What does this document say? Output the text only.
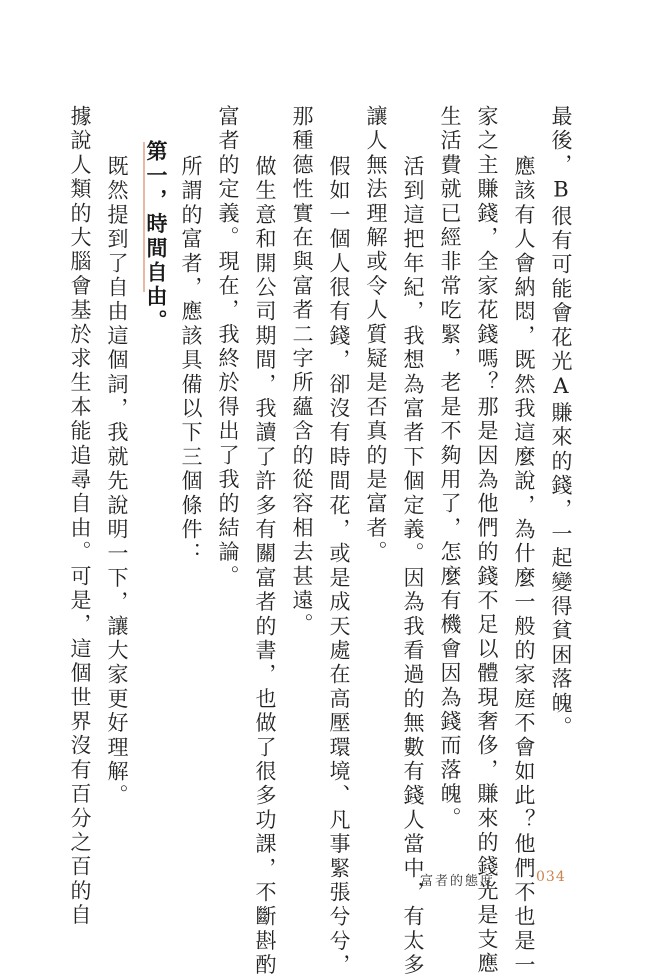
最後，B很有可能會花光A賺來的錢，一起變得貧困落魄。
應該有人會納悶，既然我這麼說，為什麼一般的家庭不會如此？他們不也是一
家之主賺錢，全家花錢嗎？那是因為他們的錢不足以體現奢侈，賺來的錢光是支應
生活費就已經非常吃緊，老是不夠用了，怎麼有機會因為錢而落魄。
活到這把年紀，我想為富者下個定義。因為我看過的無數有錢人當中，有太多
讓人無法理解或令人質疑是否真的是富者。
假如一個人很有錢，卻沒有時間花，或是成天處在高壓環境、凡事緊張兮兮，
那種德性實在與富者二字所蘊含的從容相去甚遠。
做生意和開公司期間，我讀了許多有關富者的書，也做了很多功課，不斷斟酌
富者的定義。現在，我終於得出了我的結論。
所謂的富者，應該具備以下三個條件：
第一，時間自由。
既然提到了自由這個詞，我就先說明一下，讓大家更好理解。
據說人類的大腦會基於求生本能追尋自由。可是，這個世界沒有百分之百的自	富者的態度	034
